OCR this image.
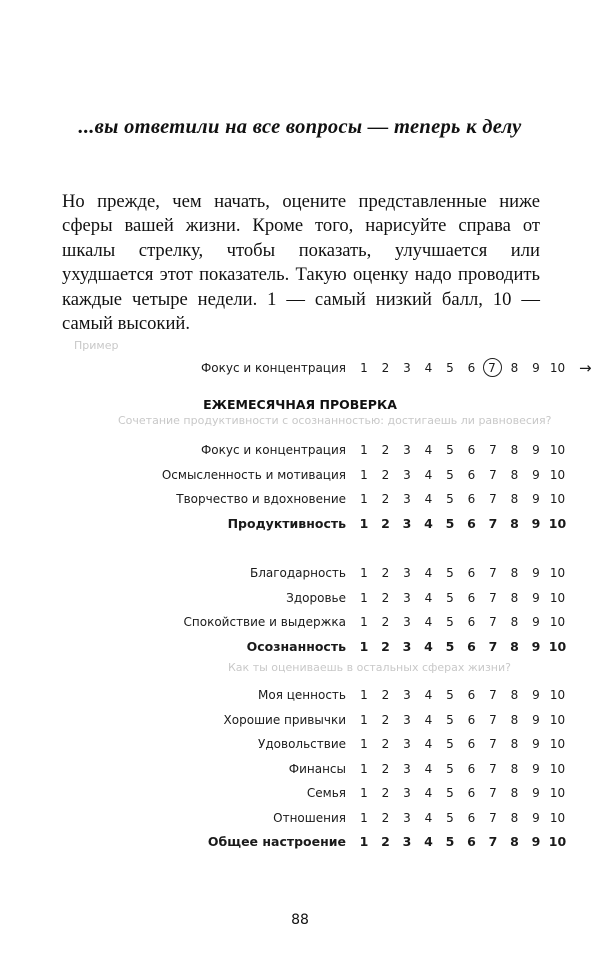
...вы ответили на все вопросы — теперь к делу

Но прежде, чем начать, оцените представленные ниже сферы вашей жизни. Кроме того, нарисуйте справа от шкалы стрелку, чтобы показать, улучшается или ухудшается этот показатель. Такую оценку надо проводить каждые четыре недели. 1 — самый низкий балл, 10 — самый высокий.

Пример
Фокус и концентрация	1	2	3	4	5	6	7	8	9 10 →
ЕЖЕМЕСЯЧНАЯ ПРОВЕРКА
Сочетание продуктивности с осознанностью: достигаешь ли равновесия?
Фокус и концентрация	1	2	3	4	5	6	7	8	9 10
Осмысленность и мотивация	1	2	3	4	5	6	7	8	9 10
Творчество и вдохновение	1	2	3	4	5	6	7	8	9 10
Продуктивность	1	2	3	4	5	6	7	8	9 10
Благодарность	1	2	3	4	5	6	7	8	9 10
Здоровье	1	2	3	4	5	6	7	8	9 10
Спокойствие и выдержка	1	2	3	4	5	6	7	8	9 10
Осознанность	1	2	3	4	5	6	7	8	9 10
Как ты оцениваешь в остальных сферах жизни?
Моя ценность	1	2	3	4	5	6	7	8	9 10
Хорошие привычки	1	2	3	4	5	6	7	8	9 10
Удовольствие	1	2	3	4	5	6	7	8	9 10
Финансы	1	2	3	4	5	6	7	8	9 10
Семья	1	2	3	4	5	6	7	8	9 10
Отношения	1	2	3	4	5	6	7	8	9 10
Общее настроение	1	2	3	4	5	6	7	8	9 10
88
